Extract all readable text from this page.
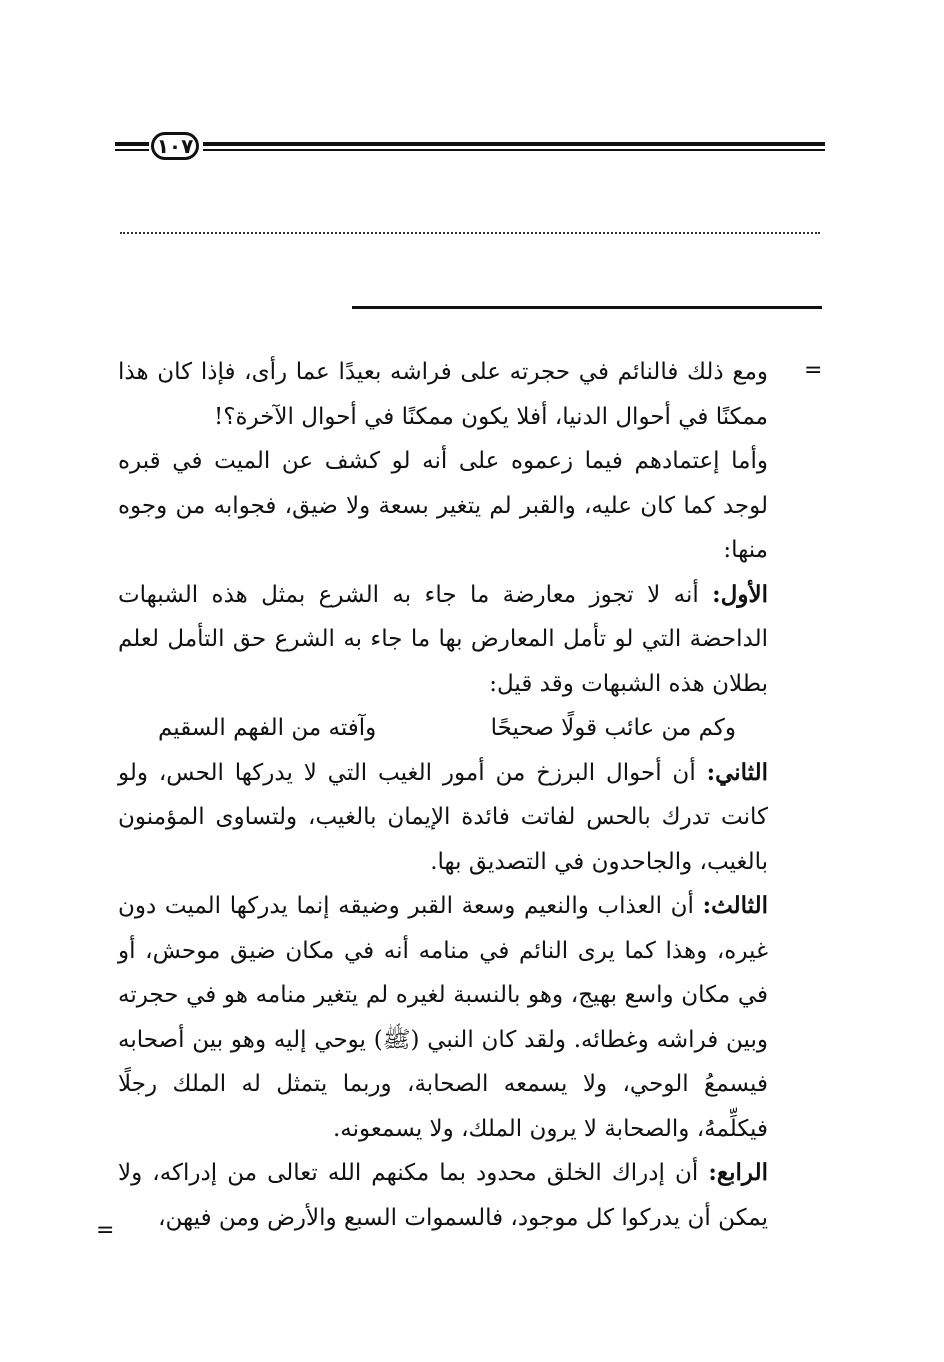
١٠٧
=

ومع ذلك فالنائم في حجرته على فراشه بعيدًا عما رأى، فإذا كان هذا ممكنًا في أحوال الدنيا، أفلا يكون ممكنًا في أحوال الآخرة؟!

وأما إعتمادهم فيما زعموه على أنه لو كشف عن الميت في قبره لوجد كما كان عليه، والقبر لم يتغير بسعة ولا ضيق، فجوابه من وجوه منها:

الأول: أنه لا تجوز معارضة ما جاء به الشرع بمثل هذه الشبهات الداحضة التي لو تأمل المعارض بها ما جاء به الشرع حق التأمل لعلم بطلان هذه الشبهات وقد قيل:

وكم من عائب قولًا صحيحًا
وآفته من الفهم السقيم

الثاني: أن أحوال البرزخ من أمور الغيب التي لا يدركها الحس، ولو كانت تدرك بالحس لفاتت فائدة الإيمان بالغيب، ولتساوى المؤمنون بالغيب، والجاحدون في التصديق بها.

الثالث: أن العذاب والنعيم وسعة القبر وضيقه إنما يدركها الميت دون غيره، وهذا كما يرى النائم في منامه أنه في مكان ضيق موحش، أو في مكان واسع بهيج، وهو بالنسبة لغيره لم يتغير منامه هو في حجرته وبين فراشه وغطائه. ولقد كان النبي (ﷺ) يوحي إليه وهو بين أصحابه فيسمعُ الوحي، ولا يسمعه الصحابة، وربما يتمثل له الملك رجلًا فيكلِّمهُ، والصحابة لا يرون الملك، ولا يسمعونه.

الرابع: أن إدراك الخلق محدود بما مكنهم الله تعالى من إدراكه، ولا يمكن أن يدركوا كل موجود، فالسموات السبع والأرض ومن فيهن،

=
